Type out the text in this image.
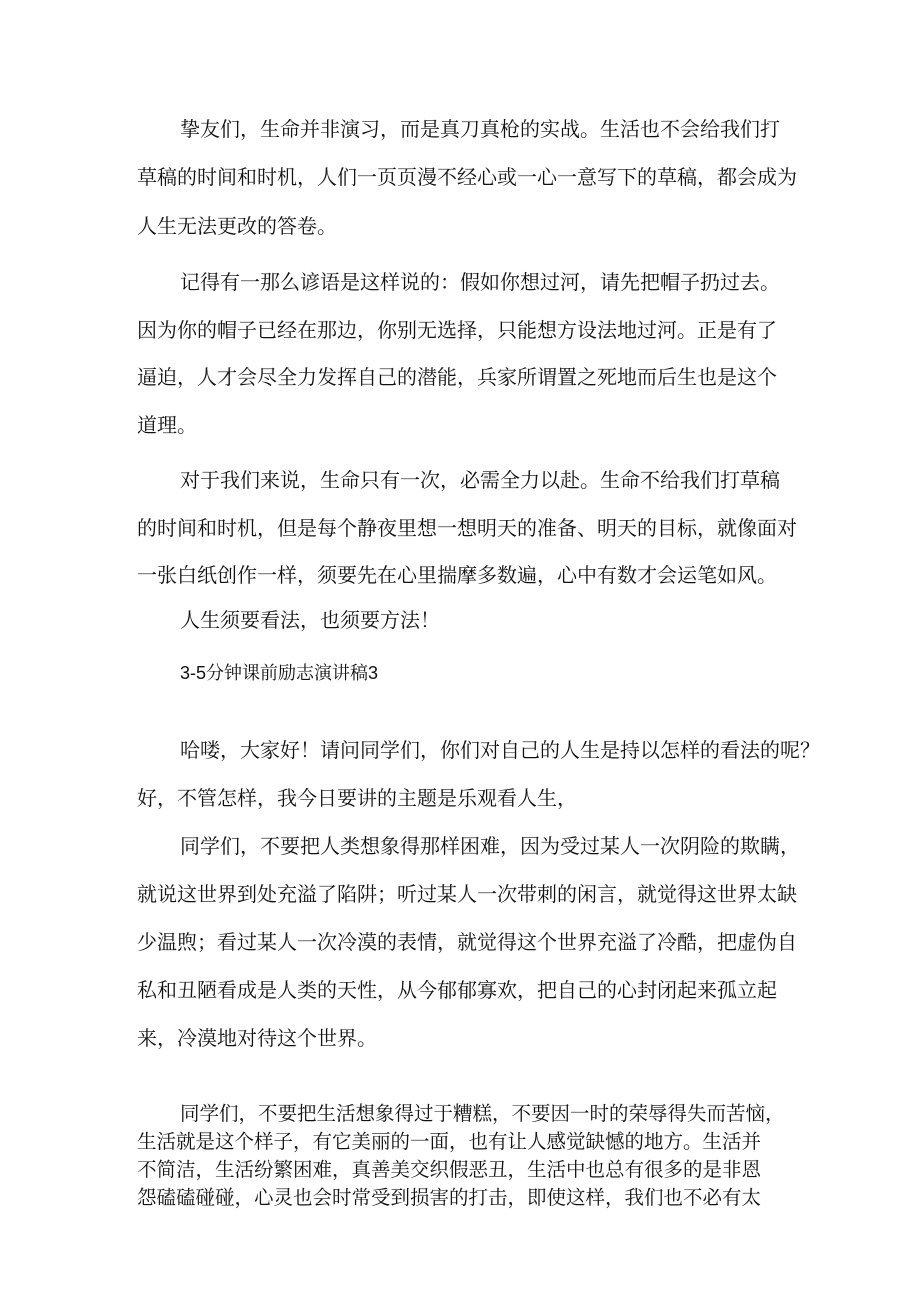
挚友们，生命并非演习，而是真刀真枪的实战。生活也不会给我们打

草稿的时间和时机，人们一页页漫不经心或一心一意写下的草稿，都会成为

人生无法更改的答卷。

记得有一那么谚语是这样说的：假如你想过河，请先把帽子扔过去。

因为你的帽子已经在那边，你别无选择，只能想方设法地过河。正是有了

逼迫，人才会尽全力发挥自己的潜能，兵家所谓置之死地而后生也是这个

道理。

对于我们来说，生命只有一次，必需全力以赴。生命不给我们打草稿

的时间和时机，但是每个静夜里想一想明天的准备、明天的目标，就像面对

一张白纸创作一样，须要先在心里揣摩多数遍，心中有数才会运笔如风。

人生须要看法，也须要方法！

3-5分钟课前励志演讲稿3

哈喽，大家好！请问同学们，你们对自己的人生是持以怎样的看法的呢？

好，不管怎样，我今日要讲的主题是乐观看人生，

同学们，不要把人类想象得那样困难，因为受过某人一次阴险的欺瞒，

就说这世界到处充溢了陷阱；听过某人一次带刺的闲言，就觉得这世界太缺

少温煦；看过某人一次冷漠的表情，就觉得这个世界充溢了冷酷，把虚伪自

私和丑陋看成是人类的天性，从今郁郁寡欢，把自己的心封闭起来孤立起

来，冷漠地对待这个世界。

同学们，不要把生活想象得过于糟糕，不要因一时的荣辱得失而苦恼，

生活就是这个样子，有它美丽的一面，也有让人感觉缺憾的地方。生活并

不简洁，生活纷繁困难，真善美交织假恶丑，生活中也总有很多的是非恩

怨磕磕碰碰，心灵也会时常受到损害的打击，即使这样，我们也不必有太
